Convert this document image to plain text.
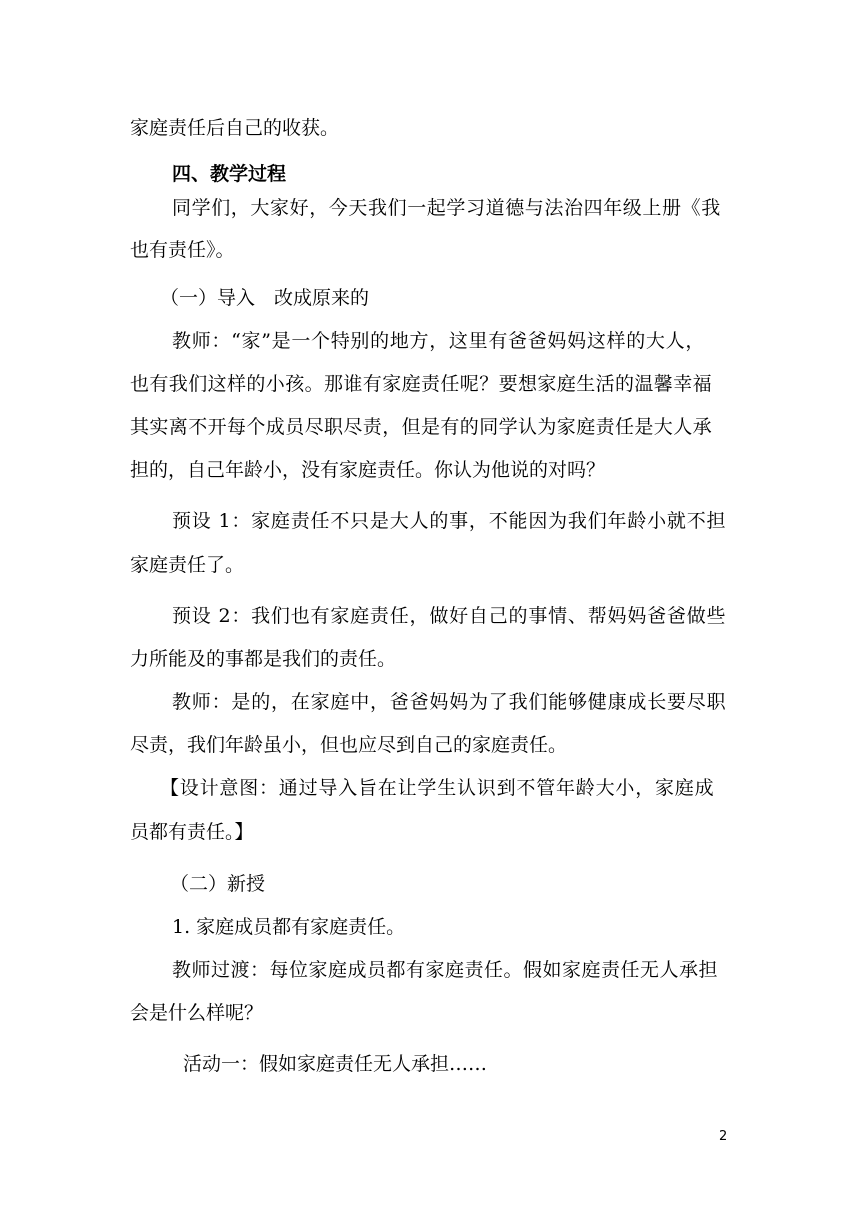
家庭责任后自己的收获。
四、教学过程
同学们，大家好，今天我们一起学习道德与法治四年级上册《我
也有责任》。
（一）导入　改成原来的
教师：“家”是一个特别的地方，这里有爸爸妈妈这样的大人，
也有我们这样的小孩。那谁有家庭责任呢？要想家庭生活的温馨幸福
其实离不开每个成员尽职尽责，但是有的同学认为家庭责任是大人承
担的，自己年龄小，没有家庭责任。你认为他说的对吗？
预设 1：家庭责任不只是大人的事，不能因为我们年龄小就不担
家庭责任了。
预设 2：我们也有家庭责任，做好自己的事情、帮妈妈爸爸做些
力所能及的事都是我们的责任。
教师：是的，在家庭中，爸爸妈妈为了我们能够健康成长要尽职
尽责，我们年龄虽小，但也应尽到自己的家庭责任。
【设计意图：通过导入旨在让学生认识到不管年龄大小，家庭成
员都有责任。】
（二）新授
1. 家庭成员都有家庭责任。
教师过渡：每位家庭成员都有家庭责任。假如家庭责任无人承担
会是什么样呢？
活动一：假如家庭责任无人承担……
2
